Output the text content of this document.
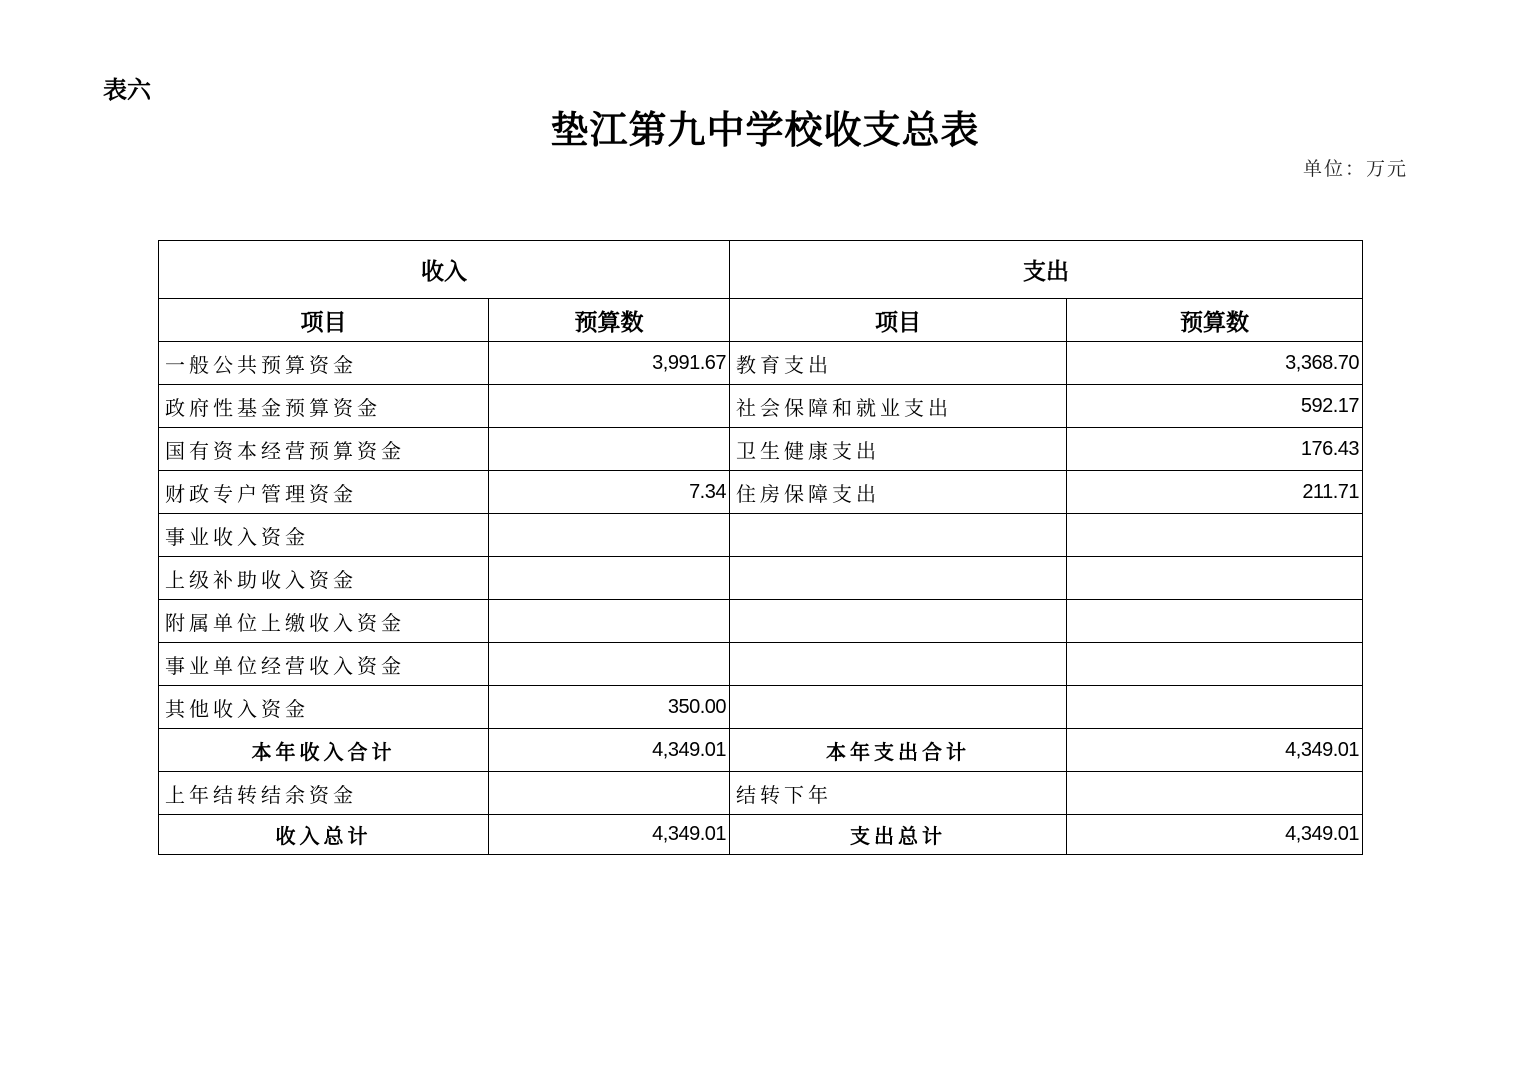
表六
垫江第九中学校收支总表
单位：万元
收入		支出	
项目	预算数	项目	预算数
一般公共预算资金	3,991.67	教育支出	3,368.70
政府性基金预算资金		社会保障和就业支出	592.17
国有资本经营预算资金		卫生健康支出	176.43
财政专户管理资金	7.34	住房保障支出	211.71
事业收入资金			
上级补助收入资金			
附属单位上缴收入资金			
事业单位经营收入资金			
其他收入资金	350.00		
本年收入合计	4,349.01	本年支出合计	4,349.01
上年结转结余资金		结转下年	
收入总计	4,349.01	支出总计	4,349.01
